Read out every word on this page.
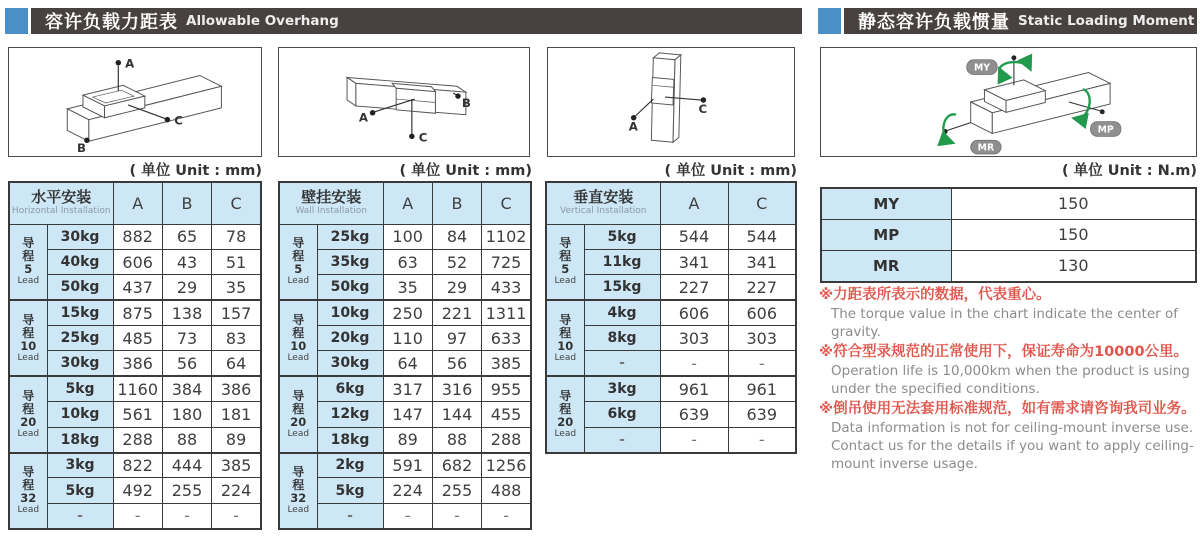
容许负载力距表 Allowable Overhang	静态容许负载惯量 Static Loading Moment
A
C
B
A
C
B
A
C
MY
MP
MR
( 单位 Unit : mm)	( 单位 Unit : mm)	( 单位 Unit : mm)	( 单位 Unit : N.m)
水平安装
Horizontal Installation		A	B	C

导
程
5
Lead	30kg	882	65	78
	40kg	606	43	51
	50kg	437	29	35

导
程
10
Lead	15kg	875	138	157
	25kg	485	73	83
	30kg	386	56	64

导
程
20
Lead	5kg	1160	384	386
	10kg	561	180	181
	18kg	288	88	89

导
程
32
Lead	3kg	822	444	385
	5kg	492	255	224
	-	-	-	-
壁挂安装
Wall Installation		A	B	C

导
程
5
Lead	25kg	100	84	1102
	35kg	63	52	725
	50kg	35	29	433

导
程
10
Lead	10kg	250	221	1311
	20kg	110	97	633
	30kg	64	56	385

导
程
20
Lead	6kg	317	316	955
	12kg	147	144	455
	18kg	89	88	288

导
程
32
Lead	2kg	591	682	1256
	5kg	224	255	488
	-	-	-	-
垂直安装
Vertical Installation		A	C

导
程
5
Lead	5kg	544	544
	11kg	341	341
	15kg	227	227

导
程
10
Lead	4kg	606	606
	8kg	303	303
	-	-	-

导
程
20
Lead	3kg	961	961
	6kg	639	639
	-	-	-
MY	150
MP	150
MR	130
※力距表所表示的数据，代表重心。

The torque value in the chart indicate the center of gravity.

※符合型录规范的正常使用下，保证寿命为10000公里。

Operation life is 10,000km when the product is using under the specified conditions.

※倒吊使用无法套用标准规范，如有需求请咨询我司业务。

Data information is not for ceiling-mount inverse use. Contact us for the details if you want to apply ceiling-mount inverse usage.
